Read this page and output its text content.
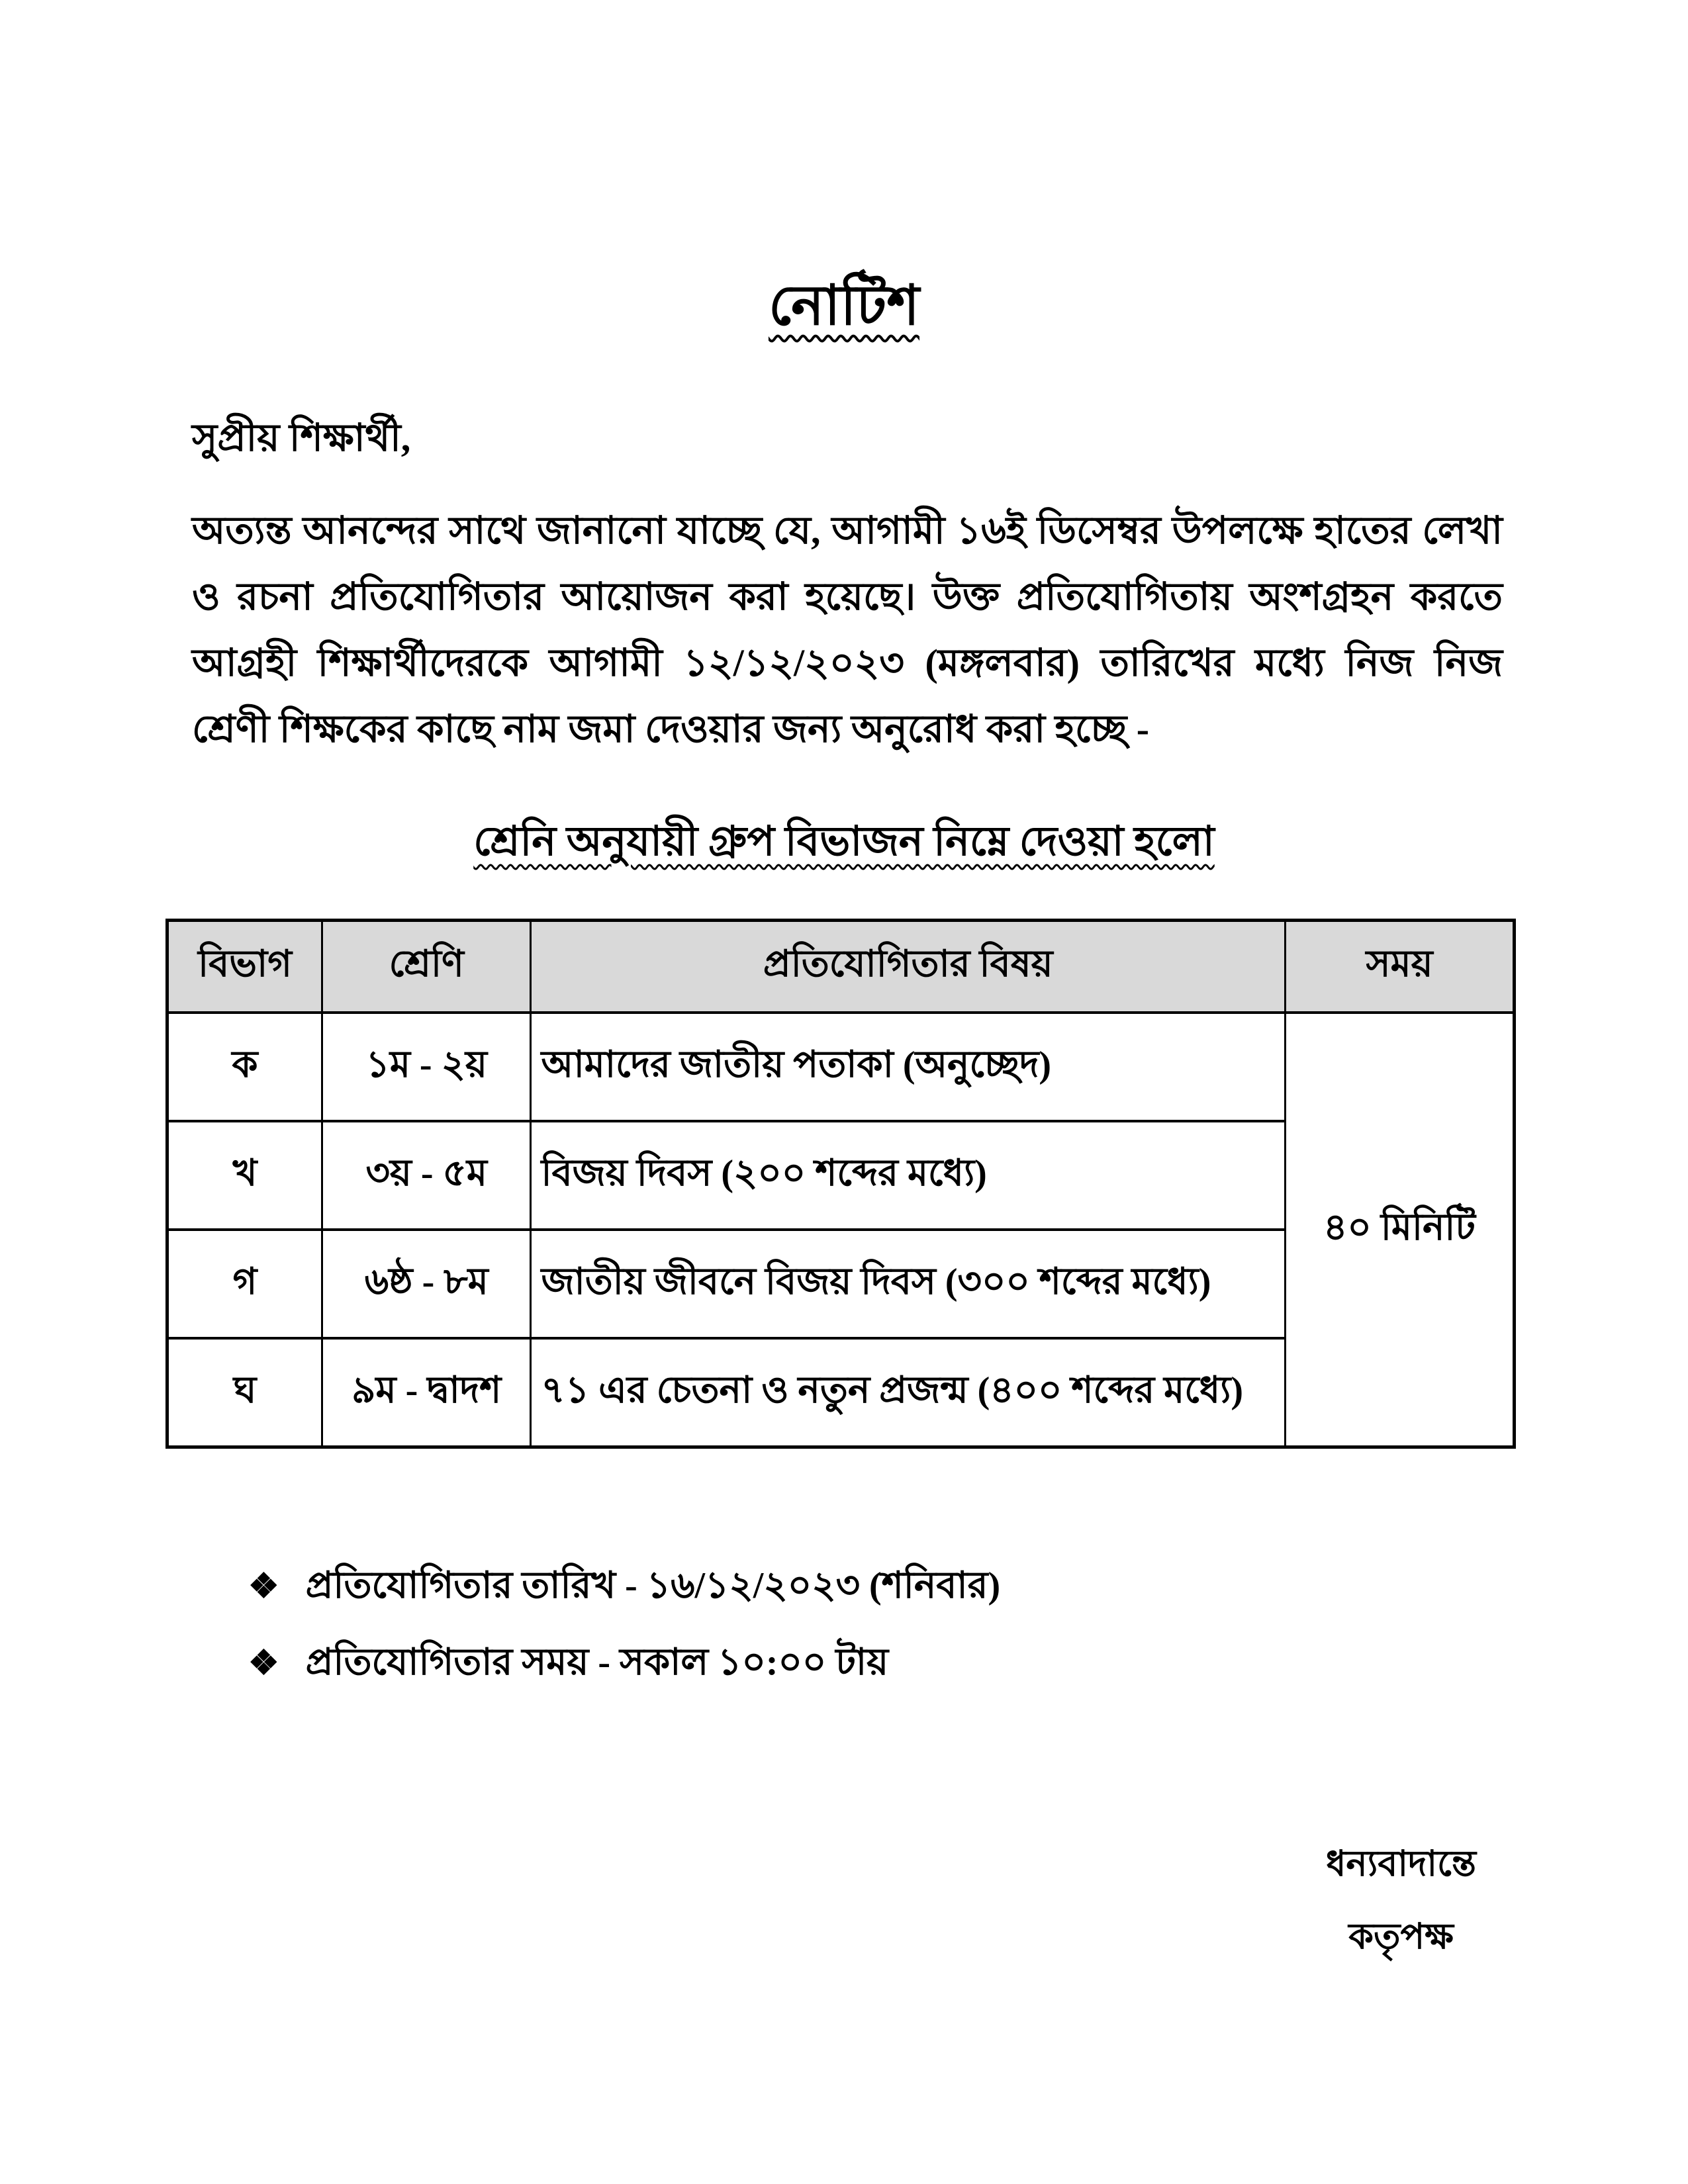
নোটিশ
সুপ্রীয় শিক্ষার্থী,
অত্যন্ত আনন্দের সাথে জানানো যাচ্ছে যে, আগামী ১৬ই ডিসেম্বর উপলক্ষে হাতের লেখা
ও রচনা প্রতিযোগিতার আয়োজন করা হয়েছে। উক্ত প্রতিযোগিতায় অংশগ্রহন করতে
আগ্রহী শিক্ষার্থীদেরকে আগামী ১২/১২/২০২৩ (মঙ্গলবার) তারিখের মধ্যে নিজ নিজ
শ্রেণী শিক্ষকের কাছে নাম জমা দেওয়ার জন্য অনুরোধ করা হচ্ছে -
শ্রেনি অনুযায়ী গ্রুপ বিভাজন নিম্নে দেওয়া হলো
বিভাগ	শ্রেণি	প্রতিযোগিতার বিষয়	সময়
ক	১ম - ২য়	আমাদের জাতীয় পতাকা (অনুচ্ছেদ)	৪০ মিনিটি
খ	৩য় - ৫ম	বিজয় দিবস (২০০ শব্দের মধ্যে)	
গ	৬ষ্ঠ - ৮ম	জাতীয় জীবনে বিজয় দিবস (৩০০ শব্দের মধ্যে)	
ঘ	৯ম - দ্বাদশ	৭১ এর চেতনা ও নতুন প্রজন্ম (৪০০ শব্দের মধ্যে)	
❖ প্রতিযোগিতার তারিখ - ১৬/১২/২০২৩ (শনিবার)
❖ প্রতিযোগিতার সময় - সকাল ১০:০০ টায়
ধন্যবাদান্তে
কতৃপক্ষ
